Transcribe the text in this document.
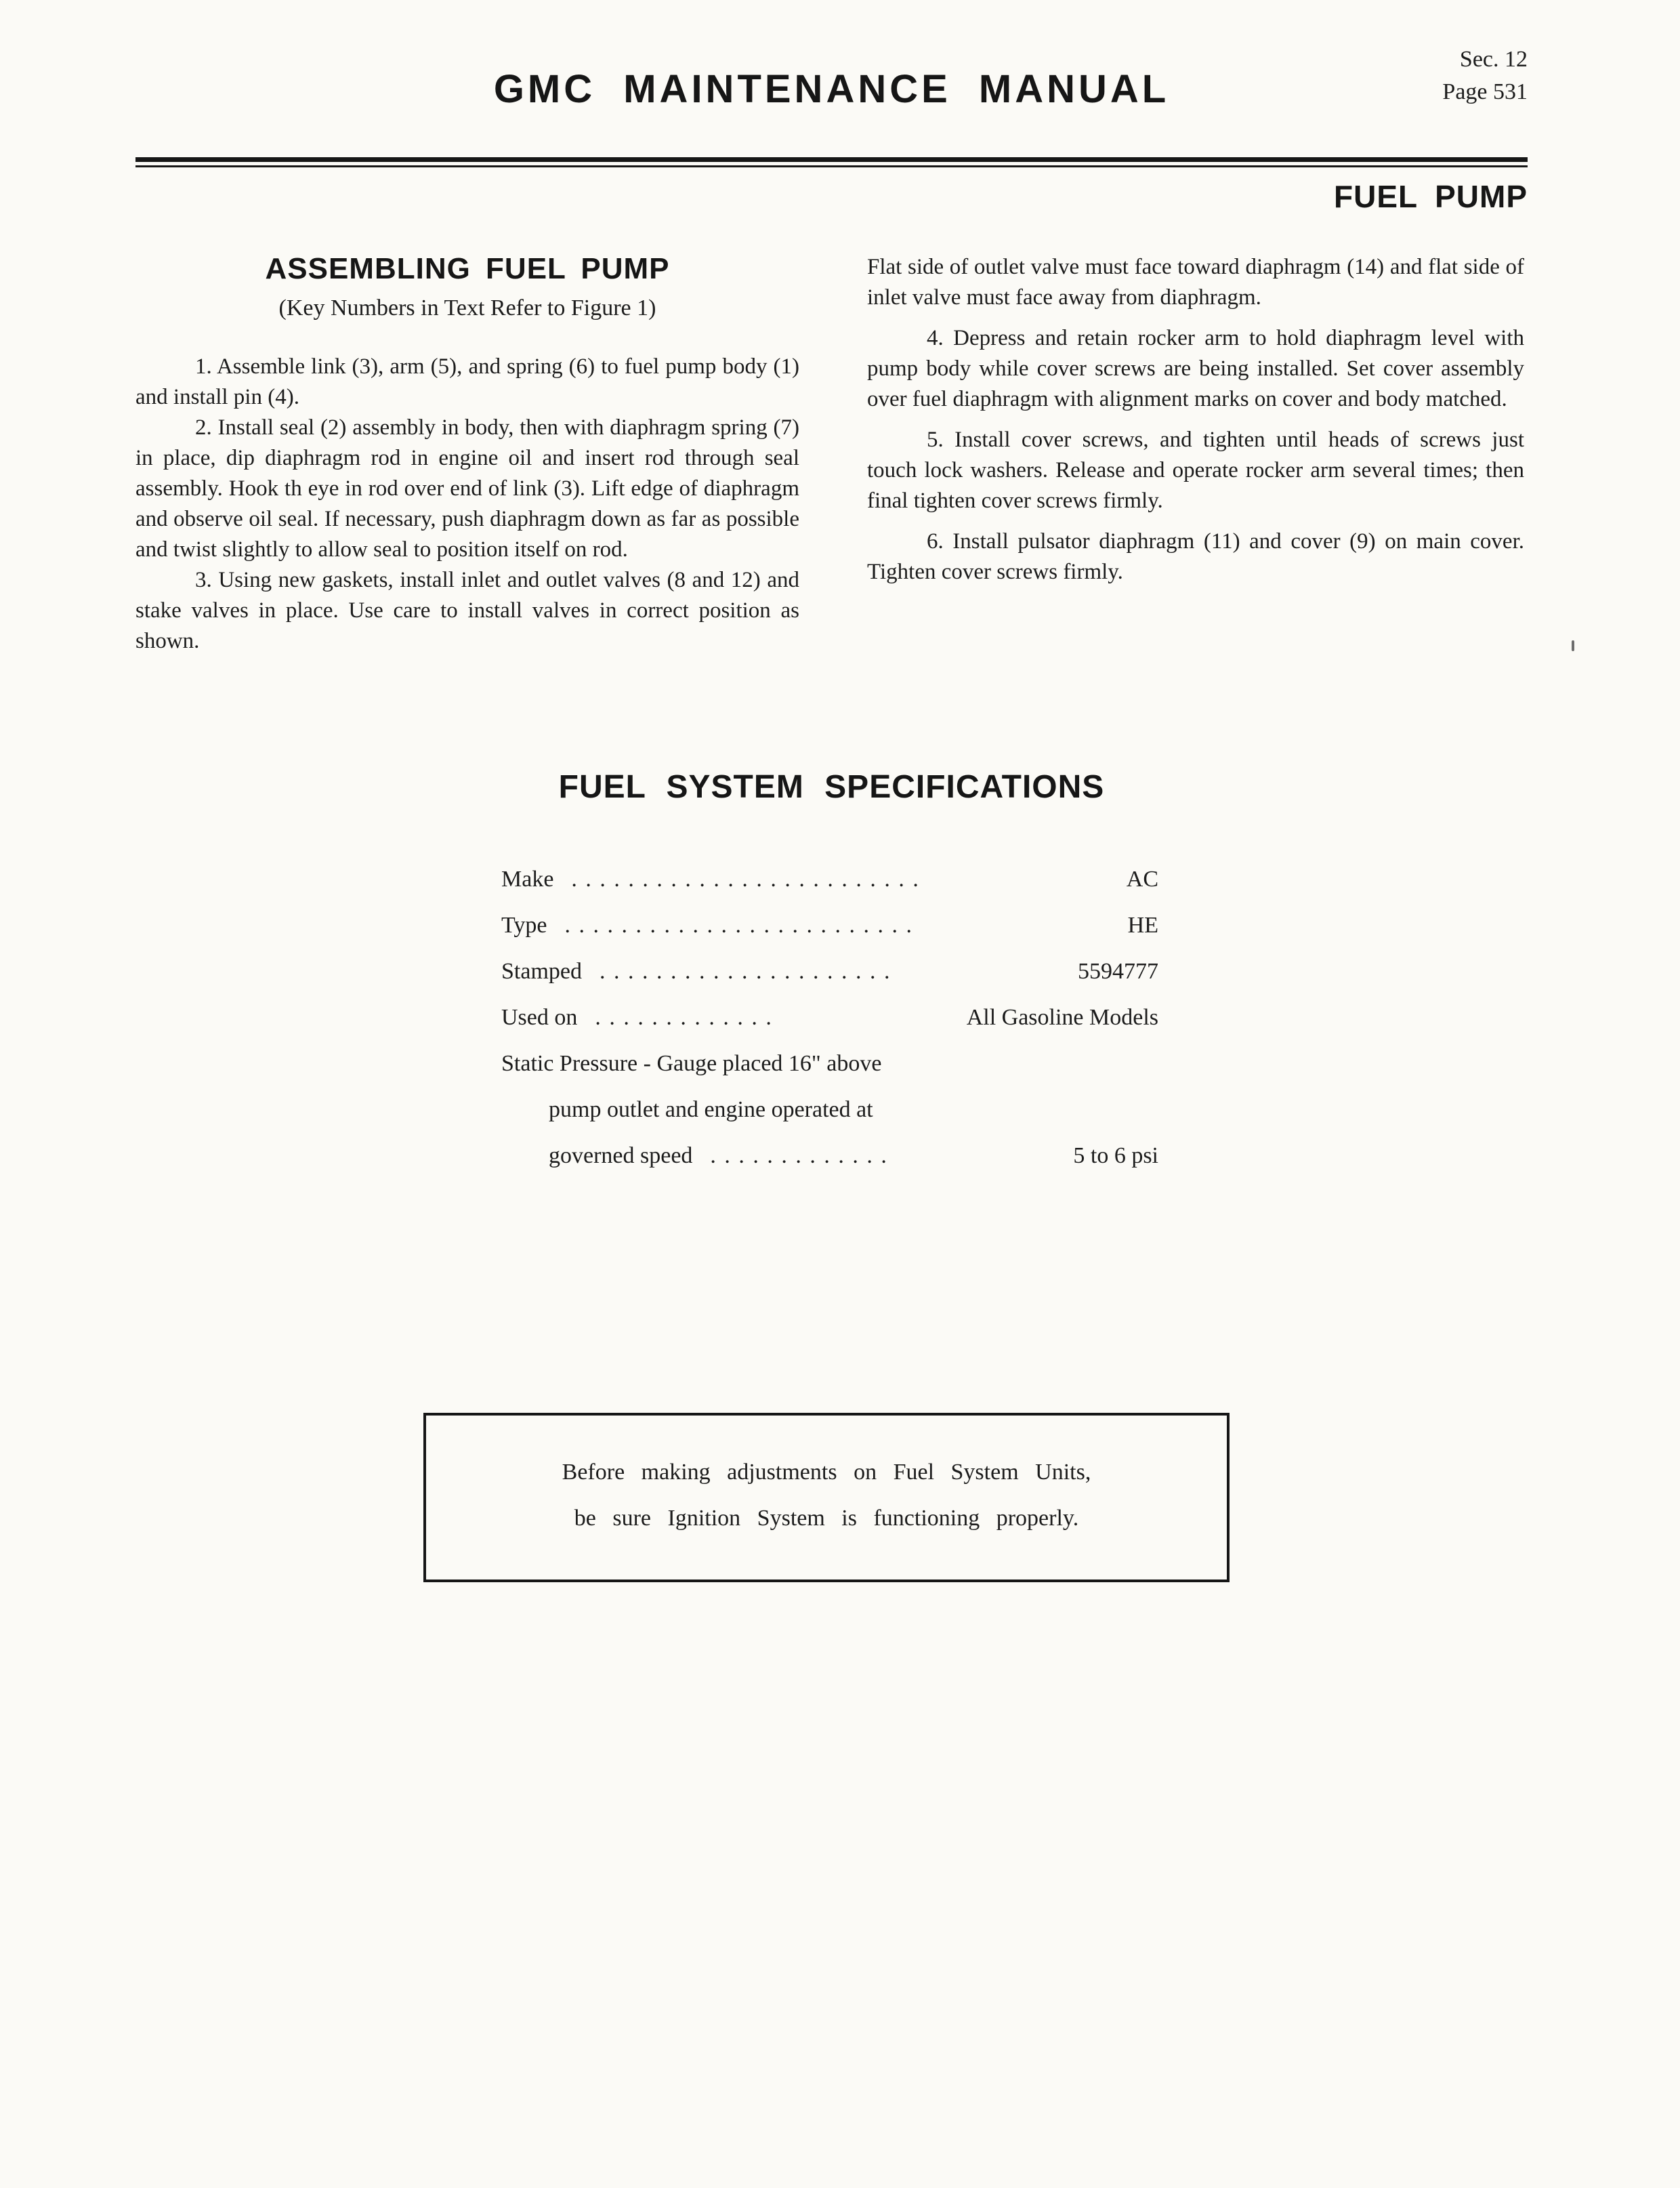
GMC MAINTENANCE MANUAL
Sec. 12
Page 531
FUEL PUMP
ASSEMBLING FUEL PUMP
(Key Numbers in Text Refer to Figure 1)

1. Assemble link (3), arm (5), and spring (6) to fuel pump body (1) and install pin (4).

2. Install seal (2) assembly in body, then with diaphragm spring (7) in place, dip diaphragm rod in engine oil and insert rod through seal assembly. Hook th eye in rod over end of link (3). Lift edge of diaphragm and observe oil seal. If necessary, push diaphragm down as far as possible and twist slightly to allow seal to position itself on rod.

3. Using new gaskets, install inlet and outlet valves (8 and 12) and stake valves in place. Use care to install valves in correct position as shown.

Flat side of outlet valve must face toward diaphragm (14) and flat side of inlet valve must face away from diaphragm.

4. Depress and retain rocker arm to hold diaphragm level with pump body while cover screws are being installed. Set cover assembly over fuel diaphragm with alignment marks on cover and body matched.

5. Install cover screws, and tighten until heads of screws just touch lock washers. Release and operate rocker arm several times; then final tighten cover screws firmly.

6. Install pulsator diaphragm (11) and cover (9) on main cover. Tighten cover screws firmly.

FUEL SYSTEM SPECIFICATIONS
Make . . . . . . . . . . . . . . . . . . . . . . . . .	AC
Type . . . . . . . . . . . . . . . . . . . . . . . . .	HE
Stamped . . . . . . . . . . . . . . . . . . . . .	5594777
Used on . . . . . . . . . . . . .	All Gasoline Models
Static Pressure - Gauge placed 16" above
pump outlet and engine operated at
governed speed . . . . . . . . . . . . .	5 to 6 psi

Before making adjustments on Fuel System Units,

be sure Ignition System is functioning properly.
